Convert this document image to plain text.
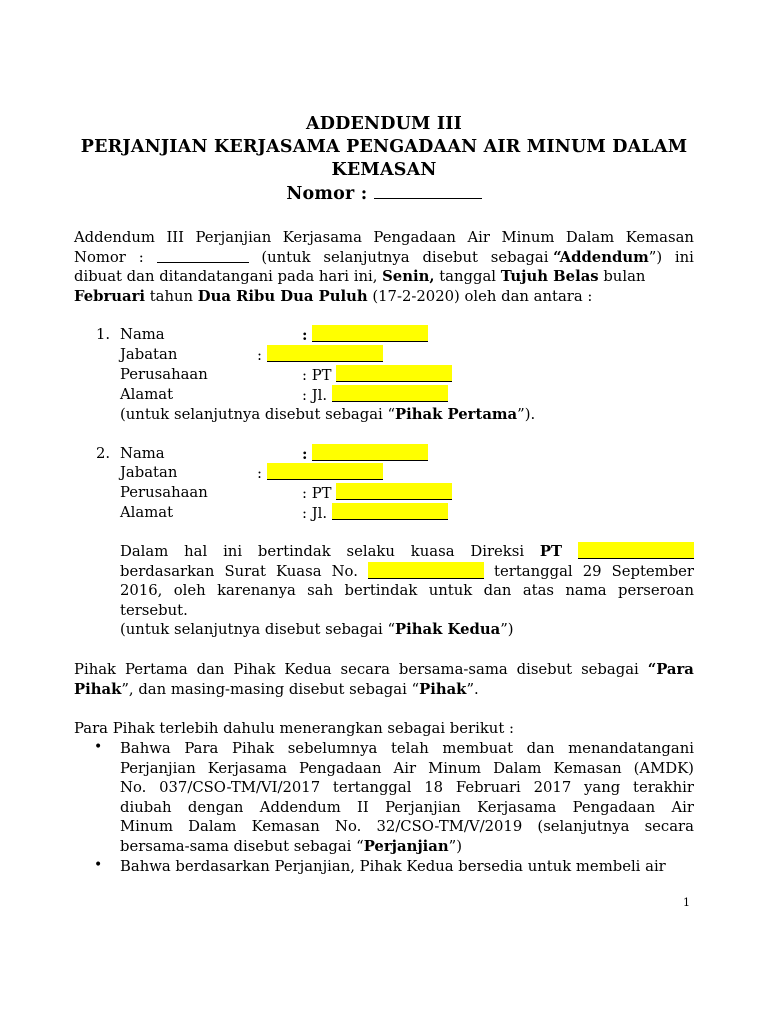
ADDENDUM III
PERJANJIAN KERJASAMA PENGADAAN AIR MINUM DALAM
KEMASAN
Nomor :
Addendum III Perjanjian Kerjasama Pengadaan Air Minum Dalam Kemasan
Nomor :	(untuk selanjutnya disebut sebagai “Addendum”) ini
dibuat dan ditandatangani pada hari ini, Senin, tanggal Tujuh Belas bulan
Februari tahun Dua Ribu Dua Puluh (17-2-2020) oleh dan antara :
1. Nama	:
Jabatan	:
Perusahaan	: PT
Alamat	: Jl.
(untuk selanjutnya disebut sebagai “Pihak Pertama”).
2. Nama	:
Jabatan	:
Perusahaan	: PT
Alamat	: Jl.
Dalam hal ini bertindak selaku kuasa Direksi PT
berdasarkan Surat Kuasa No.	tertanggal 29 September
2016, oleh karenanya sah bertindak untuk dan atas nama perseroan
tersebut.
(untuk selanjutnya disebut sebagai “Pihak Kedua”)
Pihak Pertama dan Pihak Kedua secara bersama-sama disebut sebagai “Para
Pihak”, dan masing-masing disebut sebagai “Pihak”.
Para Pihak terlebih dahulu menerangkan sebagai berikut :
• Bahwa Para Pihak sebelumnya telah membuat dan menandatangani
Perjanjian Kerjasama Pengadaan Air Minum Dalam Kemasan (AMDK)
No. 037/CSO-TM/VI/2017 tertanggal 18 Februari 2017 yang terakhir
diubah dengan Addendum II Perjanjian Kerjasama Pengadaan Air
Minum Dalam Kemasan No. 32/CSO-TM/V/2019 (selanjutnya secara
bersama-sama disebut sebagai “Perjanjian”)
• Bahwa berdasarkan Perjanjian, Pihak Kedua bersedia untuk membeli air
1
